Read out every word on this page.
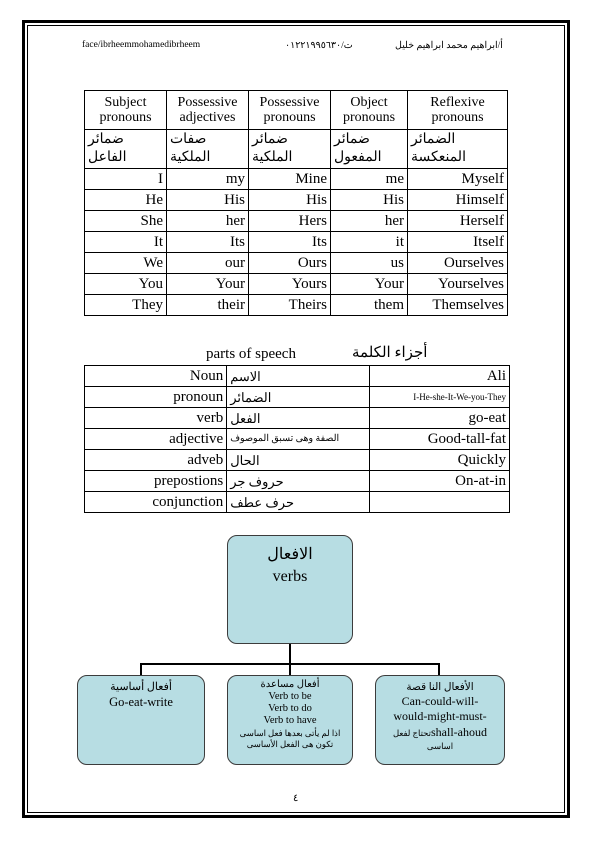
face/ibrheemmohamedibrheem	ت/٠١٢٢١٩٩٥٦٣٠	أ/ابراهيم محمد ابراهيم خليل
Subject pronouns	Possessive adjectives	Possessive pronouns	Object pronouns	Reflexive pronouns
ضمائر الفاعل	صفات الملكية	ضمائر الملكية	ضمائر المفعول	الضمائر المنعكسة
I	my	Mine	me	Myself
He	His	His	His	Himself
She	her	Hers	her	Herself
It	Its	Its	it	Itself
We	our	Ours	us	Ourselves
You	Your	Yours	Your	Yourselves
They	their	Theirs	them	Themselves
parts of speech	أجزاء الكلمة
Noun	الاسم	Ali
pronoun	الضمائر	I-He-she-It-We-you-They
verb	الفعل	go-eat
adjective	الصفة وهى تسبق الموصوف	Good-tall-fat
adveb	الحال	Quickly
prepostions	حروف جر	On-at-in
conjunction	حرف عطف	
الافعال
verbs
أفعال أساسية
Go-eat-write
أفعال مساعدة
Verb to be
Verb to do
Verb to have
اذا لم يأتى بعدها فعل اساسى
تكون هى الفعل الأساسى
الأفعال النا قصة
Can-could-will-
would-might-must-
تحتاج لفعلshall-ahoud
اساسى
٤
